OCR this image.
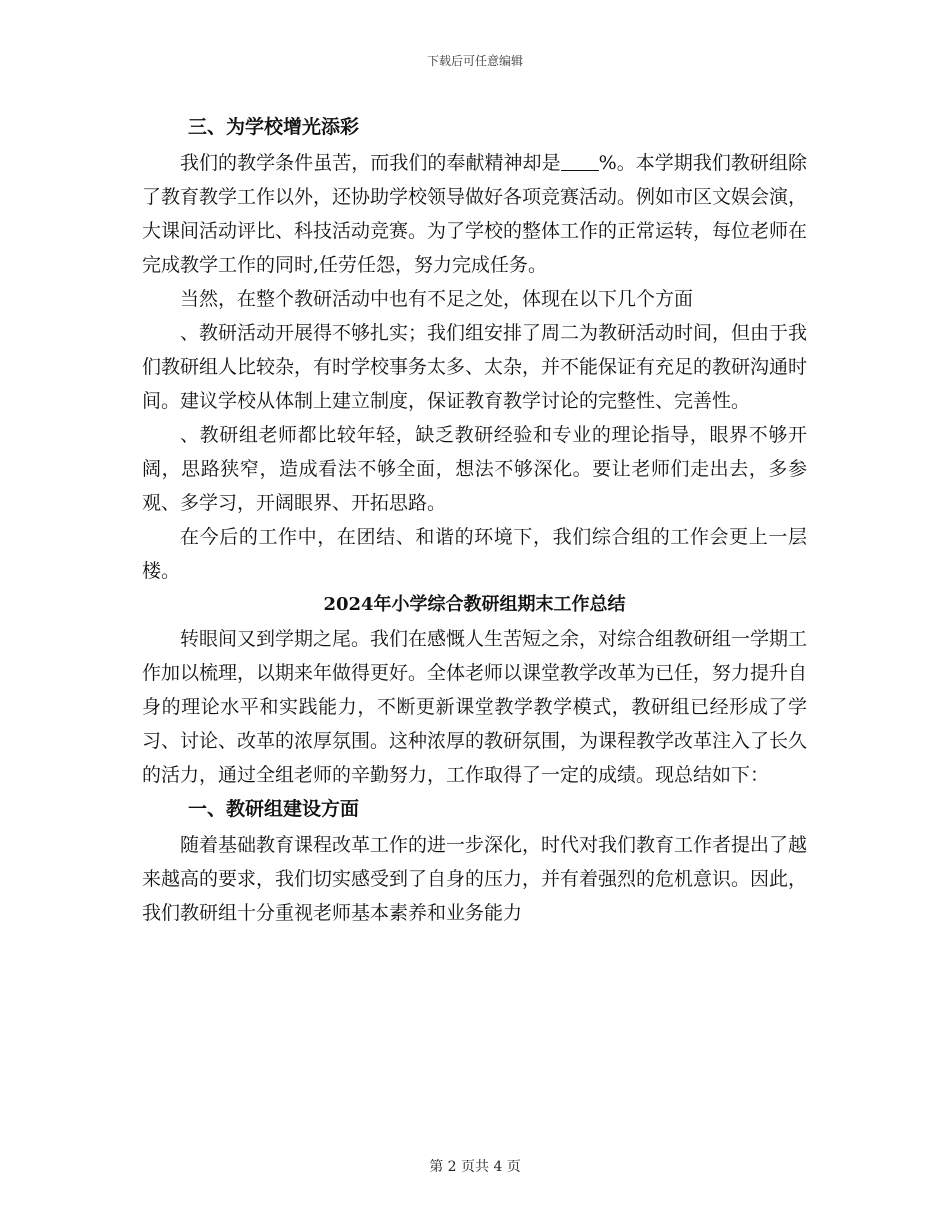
下载后可任意编辑
三、为学校增光添彩

我们的教学条件虽苦，而我们的奉献精神却是 %。本学期我们教研组除了教育教学工作以外，还协助学校领导做好各项竞赛活动。例如市区文娱会演，大课间活动评比、科技活动竞赛。为了学校的整体工作的正常运转，每位老师在完成教学工作的同时,任劳任怨，努力完成任务。

当然，在整个教研活动中也有不足之处，体现在以下几个方面

、教研活动开展得不够扎实；我们组安排了周二为教研活动时间，但由于我们教研组人比较杂，有时学校事务太多、太杂，并不能保证有充足的教研沟通时间。建议学校从体制上建立制度，保证教育教学讨论的完整性、完善性。

、教研组老师都比较年轻，缺乏教研经验和专业的理论指导，眼界不够开阔，思路狭窄，造成看法不够全面，想法不够深化。要让老师们走出去，多参观、多学习，开阔眼界、开拓思路。

在今后的工作中，在团结、和谐的环境下，我们综合组的工作会更上一层楼。

2024年小学综合教研组期末工作总结

转眼间又到学期之尾。我们在感慨人生苦短之余，对综合组教研组一学期工作加以梳理，以期来年做得更好。全体老师以课堂教学改革为已任，努力提升自身的理论水平和实践能力，不断更新课堂教学教学模式，教研组已经形成了学习、讨论、改革的浓厚氛围。这种浓厚的教研氛围，为课程教学改革注入了长久的活力，通过全组老师的辛勤努力，工作取得了一定的成绩。现总结如下：

一、教研组建设方面

随着基础教育课程改革工作的进一步深化，时代对我们教育工作者提出了越来越高的要求，我们切实感受到了自身的压力，并有着强烈的危机意识。因此，我们教研组十分重视老师基本素养和业务能力

第 2 页共 4 页
